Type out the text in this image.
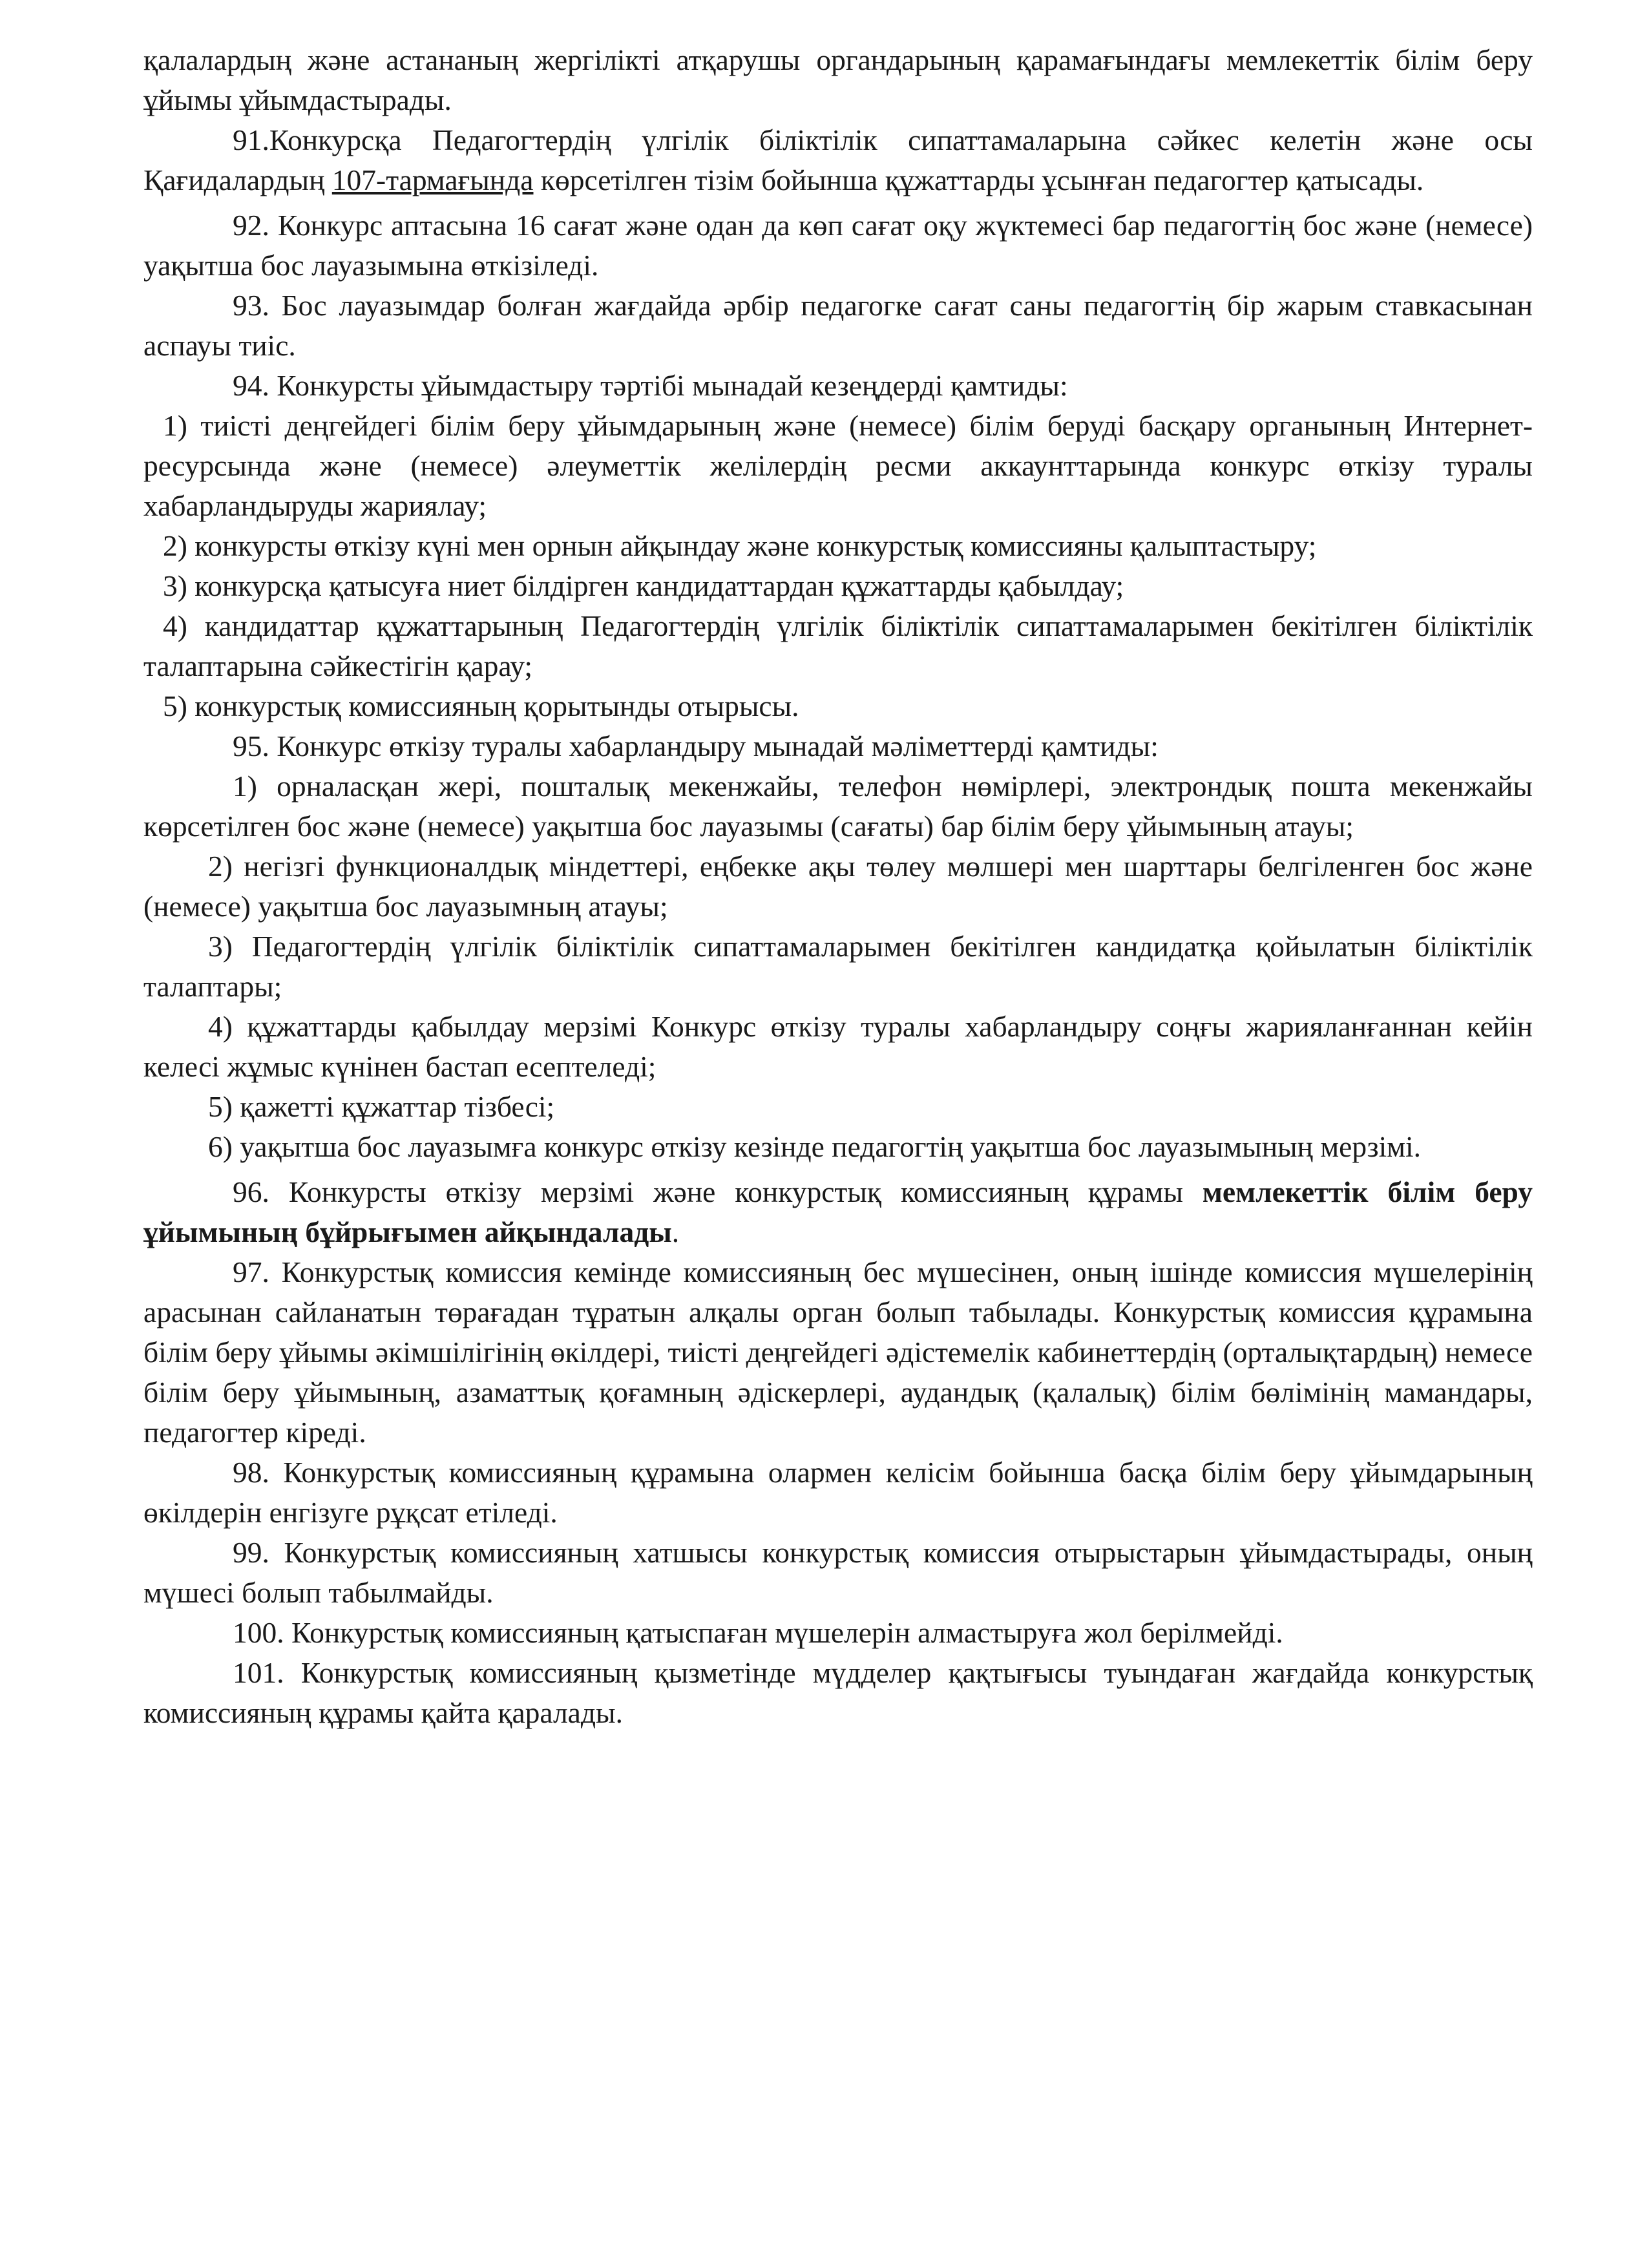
қалалардың және астананың жергілікті атқарушы органдарының қарамағындағы мемлекеттік білім беру ұйымы ұйымдастырады.

91.Конкурсқа Педагогтердің үлгілік біліктілік сипаттамаларына сәйкес келетін және осы Қағидалардың 107-тармағында көрсетілген тізім бойынша құжаттарды ұсынған педагогтер қатысады.

92. Конкурс аптасына 16 сағат және одан да көп сағат оқу жүктемесі бар педагогтің бос және (немесе) уақытша бос лауазымына өткізіледі.

93. Бос лауазымдар болған жағдайда әрбір педагогке сағат саны педагогтің бір жарым ставкасынан аспауы тиіс.

94. Конкурсты ұйымдастыру тәртібі мынадай кезеңдерді қамтиды:

1) тиісті деңгейдегі білім беру ұйымдарының және (немесе) білім беруді басқару органының Интернет-ресурсында және (немесе) әлеуметтік желілердің ресми аккаунттарында конкурс өткізу туралы хабарландыруды жариялау;

2) конкурсты өткізу күні мен орнын айқындау және конкурстық комиссияны қалыптастыру;

3) конкурсқа қатысуға ниет білдірген кандидаттардан құжаттарды қабылдау;

4) кандидаттар құжаттарының Педагогтердің үлгілік біліктілік сипаттамаларымен бекітілген біліктілік талаптарына сәйкестігін қарау;

5) конкурстық комиссияның қорытынды отырысы.

95. Конкурс өткізу туралы хабарландыру мынадай мәліметтерді қамтиды:

1) орналасқан жері, пошталық мекенжайы, телефон нөмірлері, электрондық пошта мекенжайы көрсетілген бос және (немесе) уақытша бос лауазымы (сағаты) бар білім беру ұйымының атауы;

2) негізгі функционалдық міндеттері, еңбекке ақы төлеу мөлшері мен шарттары белгіленген бос және (немесе) уақытша бос лауазымның атауы;

3) Педагогтердің үлгілік біліктілік сипаттамаларымен бекітілген кандидатқа қойылатын біліктілік талаптары;

4) құжаттарды қабылдау мерзімі Конкурс өткізу туралы хабарландыру соңғы жарияланғаннан кейін келесі жұмыс күнінен бастап есептеледі;

5) қажетті құжаттар тізбесі;

6) уақытша бос лауазымға конкурс өткізу кезінде педагогтің уақытша бос лауазымының мерзімі.

96. Конкурсты өткізу мерзімі және конкурстық комиссияның құрамы мемлекеттік білім беру ұйымының бұйрығымен айқындалады.

97. Конкурстық комиссия кемінде комиссияның бес мүшесінен, оның ішінде комиссия мүшелерінің арасынан сайланатын төрағадан тұратын алқалы орган болып табылады. Конкурстық комиссия құрамына білім беру ұйымы әкімшілігінің өкілдері, тиісті деңгейдегі әдістемелік кабинеттердің (орталықтардың) немесе білім беру ұйымының, азаматтық қоғамның әдіскерлері, аудандық (қалалық) білім бөлімінің мамандары, педагогтер кіреді.

98. Конкурстық комиссияның құрамына олармен келісім бойынша басқа білім беру ұйымдарының өкілдерін енгізуге рұқсат етіледі.

99. Конкурстық комиссияның хатшысы конкурстық комиссия отырыстарын ұйымдастырады, оның мүшесі болып табылмайды.

100. Конкурстық комиссияның қатыспаған мүшелерін алмастыруға жол берілмейді.

101. Конкурстық комиссияның қызметінде мүдделер қақтығысы туындаған жағдайда конкурстық комиссияның құрамы қайта қаралады.
